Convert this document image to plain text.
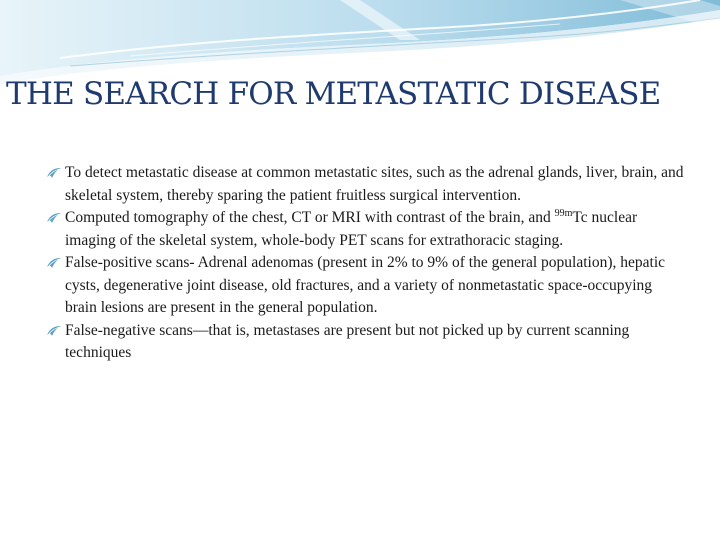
THE SEARCH FOR METASTATIC DISEASE
To detect metastatic disease at common metastatic sites, such as the adrenal glands, liver, brain, and skeletal system, thereby sparing the patient fruitless surgical intervention.
Computed tomography of the chest, CT or MRI with contrast of the brain, and $^{99m}$Tc nuclear imaging of the skeletal system, whole-body PET scans for extrathoracic staging.
False-positive scans- Adrenal adenomas (present in 2% to 9% of the general population), hepatic cysts, degenerative joint disease, old fractures, and a variety of nonmetastatic space-occupying brain lesions are present in the general population.
False-negative scans—that is, metastases are present but not picked up by current scanning techniques
